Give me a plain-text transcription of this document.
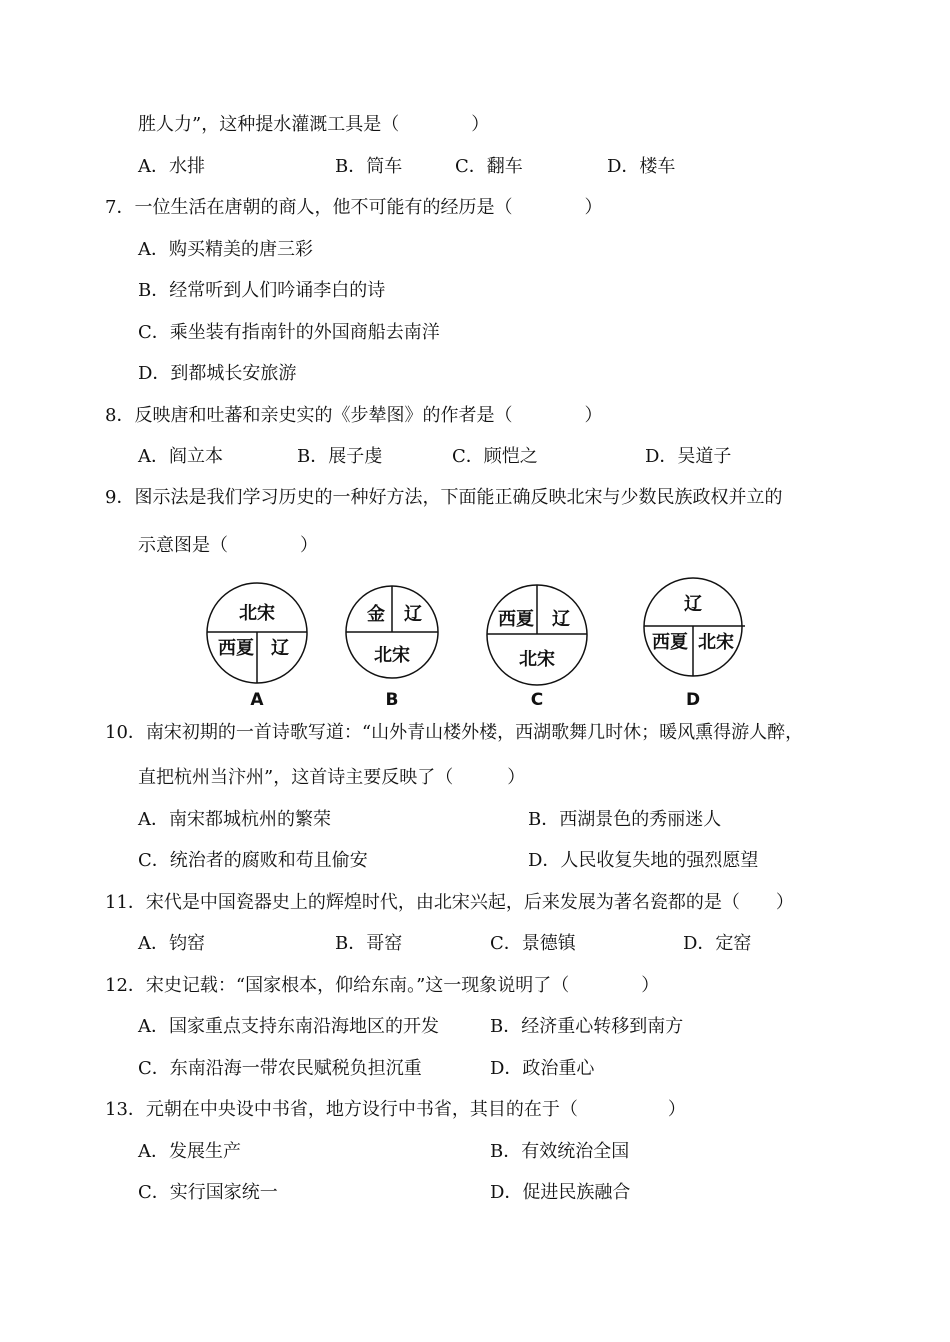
胜人力”，这种提水灌溉工具是（　　　　）
A．水排	B．筒车	C．翻车	D．楼车
7．一位生活在唐朝的商人，他不可能有的经历是（　　　　）
A．购买精美的唐三彩
B．经常听到人们吟诵李白的诗
C．乘坐装有指南针的外国商船去南洋
D．到都城长安旅游
8．反映唐和吐蕃和亲史实的《步辇图》的作者是（　　　　）
A．阎立本	B．展子虔	C．顾恺之	D．吴道子
9．图示法是我们学习历史的一种好方法，下面能正确反映北宋与少数民族政权并立的
示意图是（　　　　）
北宋
西夏 辽
A
金 辽
北宋
B
西夏 辽
北宋
C
辽
西夏 北宋
D
10．南宋初期的一首诗歌写道：“山外青山楼外楼，西湖歌舞几时休；暖风熏得游人醉，
直把杭州当汴州”，这首诗主要反映了（　　　）
A．南宋都城杭州的繁荣	B．西湖景色的秀丽迷人
C．统治者的腐败和苟且偷安	D．人民收复失地的强烈愿望
11．宋代是中国瓷器史上的辉煌时代，由北宋兴起，后来发展为著名瓷都的是（　　）
A．钧窑	B．哥窑	C．景德镇	D．定窑
12．宋史记载：“国家根本，仰给东南。”这一现象说明了（　　　　）
A．国家重点支持东南沿海地区的开发	B．经济重心转移到南方
C．东南沿海一带农民赋税负担沉重	D．政治重心
13．元朝在中央设中书省，地方设行中书省，其目的在于（　　　　　）
A．发展生产	B．有效统治全国
C．实行国家统一	D．促进民族融合
